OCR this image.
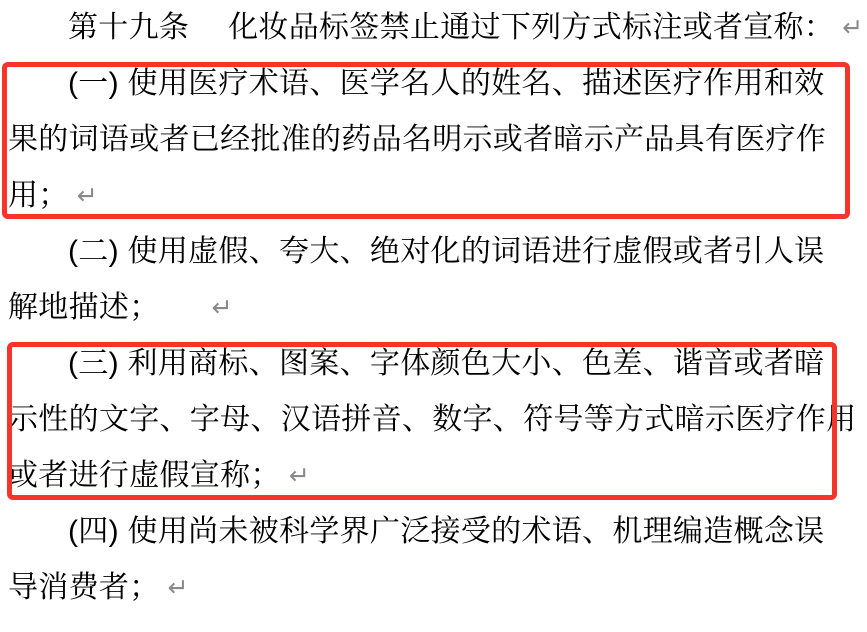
第十九条　 化妆品标签禁止通过下列方式标注或者宣称： ↵
(一) 使用医疗术语、医学名人的姓名、描述医疗作用和效
果的词语或者已经批准的药品名明示或者暗示产品具有医疗作
用； ↵
(二) 使用虚假、夸大、绝对化的词语进行虚假或者引人误
解地描述； ↵
(三) 利用商标、图案、字体颜色大小、色差、谐音或者暗
示性的文字、字母、汉语拼音、数字、符号等方式暗示医疗作用
或者进行虚假宣称； ↵
(四) 使用尚未被科学界广泛接受的术语、机理编造概念误
导消费者； ↵
